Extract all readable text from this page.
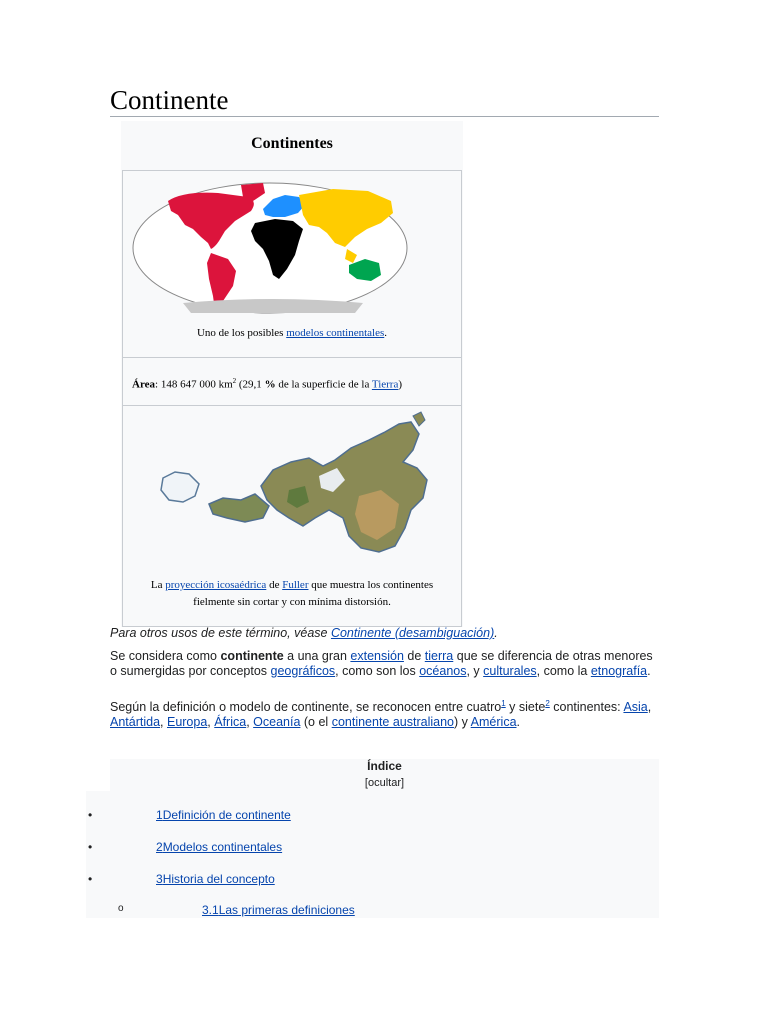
Continente
Continentes
Uno de los posibles modelos continentales.
Área: 148 647 000 $km^2$ (29,1 % de la superficie de la Tierra)
La proyección icosaédrica de Fuller que muestra los continentes
fielmente sin cortar y con mínima distorsión.
Para otros usos de este término, véase Continente (desambiguación).

Se considera como continente a una gran extensión de tierra que se diferencia de otras menores o sumergidas por conceptos geográficos, como son los océanos, y culturales, como la etnografía.

Según la definición o modelo de continente, se reconocen entre cuatro$^1$ y siete$^2$ continentes: Asia, Antártida, Europa, África, Oceanía (o el continente australiano) y América.

Índice
[ocultar]
•	1Definición de continente
•	2Modelos continentales
•	3Historia del concepto
o	3.1Las primeras definiciones
